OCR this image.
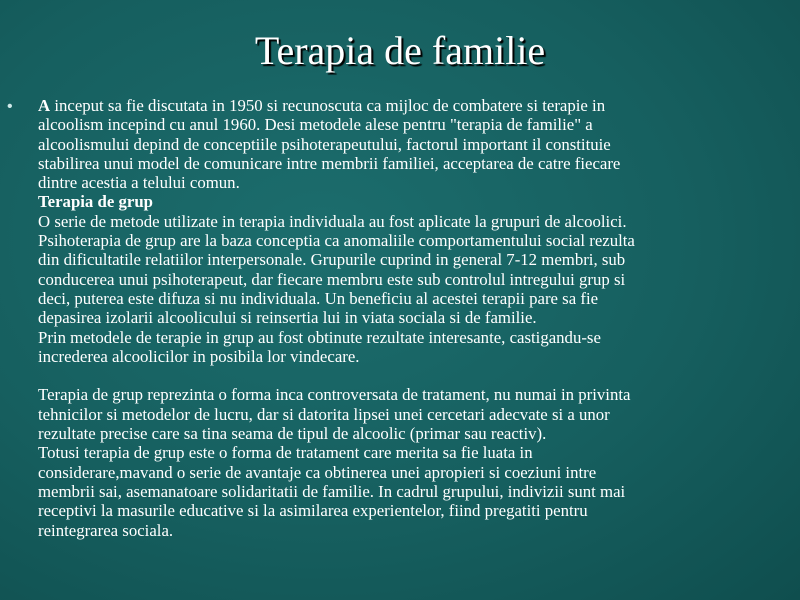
Terapia de familie
• A inceput sa fie discutata in 1950 si recunoscuta ca mijloc de combatere si terapie in
alcoolism incepind cu anul 1960. Desi metodele alese pentru "terapia de familie" a
alcoolismului depind de conceptiile psihoterapeutului, factorul important il constituie
stabilirea unui model de comunicare intre membrii familiei, acceptarea de catre fiecare
dintre acestia a telului comun.
Terapia de grup
O serie de metode utilizate in terapia individuala au fost aplicate la grupuri de alcoolici.
Psihoterapia de grup are la baza conceptia ca anomaliile comportamentului social rezulta
din dificultatile relatiilor interpersonale. Grupurile cuprind in general 7-12 membri, sub
conducerea unui psihoterapeut, dar fiecare membru este sub controlul intregului grup si
deci, puterea este difuza si nu individuala. Un beneficiu al acestei terapii pare sa fie
depasirea izolarii alcoolicului si reinsertia lui in viata sociala si de familie.
Prin metodele de terapie in grup au fost obtinute rezultate interesante, castigandu-se
increderea alcoolicilor in posibila lor vindecare.
Terapia de grup reprezinta o forma inca controversata de tratament, nu numai in privinta
tehnicilor si metodelor de lucru, dar si datorita lipsei unei cercetari adecvate si a unor
rezultate precise care sa tina seama de tipul de alcoolic (primar sau reactiv).
Totusi terapia de grup este o forma de tratament care merita sa fie luata in
considerare,mavand o serie de avantaje ca obtinerea unei apropieri si coeziuni intre
membrii sai, asemanatoare solidaritatii de familie. In cadrul grupului, indivizii sunt mai
receptivi la masurile educative si la asimilarea experientelor, fiind pregatiti pentru
reintegrarea sociala.
